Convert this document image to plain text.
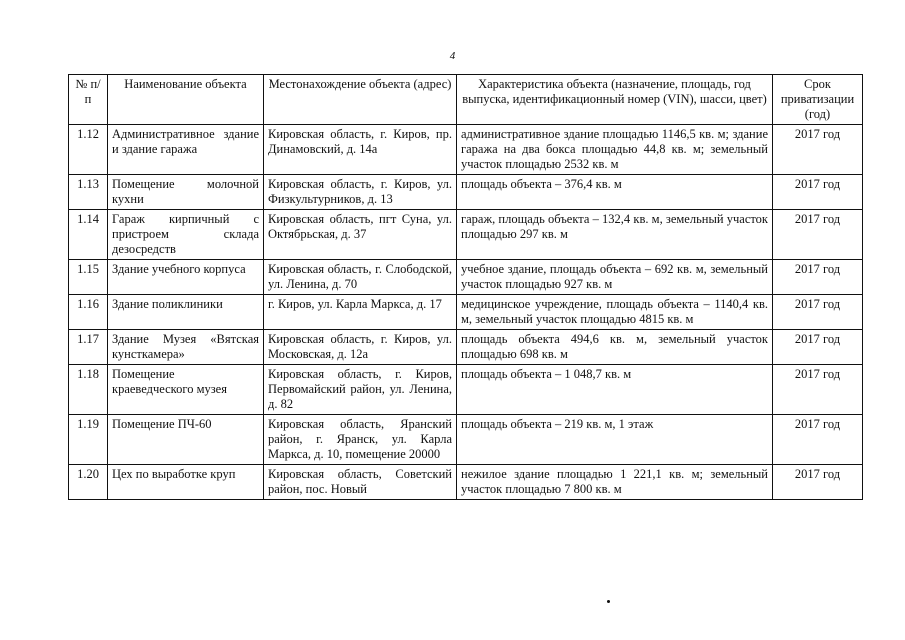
4
№ п/п	Наименование объекта	Местонахождение объекта (адрес)	Характеристика объекта (назначение, площадь, год выпуска, идентификационный номер (VIN), шасси, цвет)	Срок приватизации (год)
1.12	Административное здание и здание гаража	Кировская область, г. Киров, пр. Динамовский, д. 14а	административное здание площадью 1146,5 кв. м; здание гаража на два бокса площадью 44,8 кв. м; земельный участок площадью 2532 кв. м	2017 год
1.13	Помещение молочной кухни	Кировская область, г. Киров, ул. Физкультурников, д. 13	площадь объекта – 376,4 кв. м	2017 год
1.14	Гараж кирпичный с пристроем склада дезосредств	Кировская область, пгт Суна, ул. Октябрьская, д. 37	гараж, площадь объекта – 132,4 кв. м, земельный участок площадью 297 кв. м	2017 год
1.15	Здание учебного корпуса	Кировская область, г. Слободской, ул. Ленина, д. 70	учебное здание, площадь объекта – 692 кв. м, земельный участок площадью 927 кв. м	2017 год
1.16	Здание поликлиники	г. Киров, ул. Карла Маркса, д. 17	медицинское учреждение, площадь объекта – 1140,4 кв. м, земельный участок площадью 4815 кв. м	2017 год
1.17	Здание Музея «Вятская кунсткамера»	Кировская область, г. Киров, ул. Московская, д. 12а	площадь объекта 494,6 кв. м, земельный участок площадью 698 кв. м	2017 год
1.18	Помещение краеведческого музея	Кировская область, г. Киров, Первомайский район, ул. Ленина, д. 82	площадь объекта – 1 048,7 кв. м	2017 год
1.19	Помещение ПЧ-60	Кировская область, Яранский район, г. Яранск, ул. Карла Маркса, д. 10, помещение 20000	площадь объекта – 219 кв. м, 1 этаж	2017 год
1.20	Цех по выработке круп	Кировская область, Советский район, пос. Новый	нежилое здание площадью 1 221,1 кв. м; земельный участок площадью 7 800 кв. м	2017 год
